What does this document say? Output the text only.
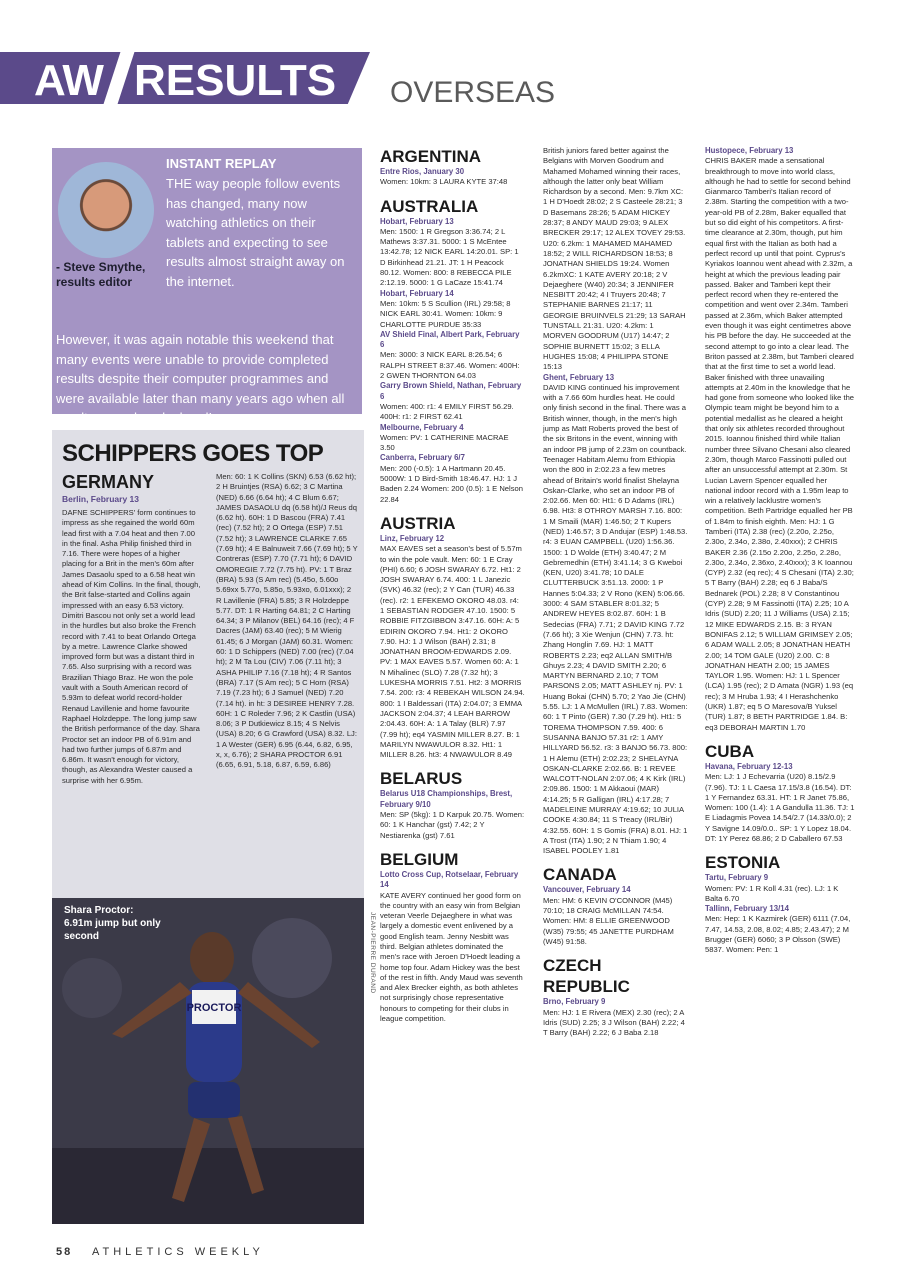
AW RESULTS OVERSEAS
- Steve Smythe, results editor
INSTANT REPLAY
THE way people follow events has changed, many now watching athletics on their tablets and expecting to see results almost straight away on the internet.
However, it was again notable this weekend that many events were unable to provide completed results despite their computer programmes and were available later than many years ago when all results were done by hand!
SCHIPPERS GOES TOP
GERMANY
Berlin, February 13
DAFNE SCHIPPERS' form continues to impress as she regained the world 60m lead first with a 7.04 heat and then 7.00 in the final. Asha Philip finished third in 7.16. There were hopes of a higher placing for a Brit in the men's 60m after James Dasaolu sped to a 6.58 heat win ahead of Kim Collins. In the final, though, the Brit false-started and Collins again impressed with an easy 6.53 victory. Dimitri Bascou not only set a world lead in the hurdles but also broke the French record with 7.41 to beat Orlando Ortega by a metre. Lawrence Clarke showed improved form but was a distant third in 7.65. Also surprising with a record was Brazilian Thiago Braz. He won the pole vault with a South American record of 5.93m to defeat world record-holder Renaud Lavillenie and home favourite Raphael Holzdeppe. The long jump saw the British performance of the day. Shara Proctor set an indoor PB of 6.91m and had two further jumps of 6.87m and 6.86m. It wasn't enough for victory, though, as Alexandra Wester caused a surprise with her 6.95m.
Men: 60: 1 K Collins (SKN) 6.53 (6.62 ht); 2 H Bruintjes (RSA) 6.62; 3 C Martina (NED) 6.66 (6.64 ht); 4 C Blum 6.67; JAMES DASAOLU dq (6.58 ht)/J Reus dq (6.62 ht). 60H: 1 D Bascou (FRA) 7.41 (rec) (7.52 ht); 2 O Ortega (ESP) 7.51 (7.52 ht); 3 LAWRENCE CLARKE 7.65 (7.69 ht); 4 E Balnuweit 7.66 (7.69 ht); 5 Y Contreras (ESP) 7.70 (7.71 ht); 6 DAVID OMOREGIE 7.72 (7.75 ht). PV: 1 T Braz (BRA) 5.93 (S Am rec) (5.45o, 5.60o 5.69xx 5.77o, 5.85o, 5.93xo, 6.01xxx); 2 R Lavillenie (FRA) 5.85; 3 R Holzdeppe 5.77. DT: 1 R Harting 64.81; 2 C Harting 64.34; 3 P Milanov (BEL) 64.16 (rec); 4 F Dacres (JAM) 63.40 (rec); 5 M Wierig 61.45; 6 J Morgan (JAM) 60.31. Women: 60: 1 D Schippers (NED) 7.00 (rec) (7.04 ht); 2 M Ta Lou (CIV) 7.06 (7.11 ht); 3 ASHA PHILIP 7.16 (7.18 ht); 4 R Santos (BRA) 7.17 (S Am rec); 5 C Horn (RSA) 7.19 (7.23 ht); 6 J Samuel (NED) 7.20 (7.14 ht). in ht: 3 DESIREE HENRY 7.28. 60H: 1 C Roleder 7.96; 2 K Castlin (USA) 8.06; 3 P Dutkiewicz 8.15; 4 S Nelvis (USA) 8.20; 6 G Crawford (USA) 8.32. LJ: 1 A Wester (GER) 6.95 (6.44, 6.82, 6.95, x, x, 6.76); 2 SHARA PROCTOR 6.91 (6.65, 6.91, 5.18, 6.87, 6.59, 6.86)
PROCTOR
Shara Proctor: 6.91m jump but only second	JEAN-PIERRE DURAND
ARGENTINA
Entre Rios, January 30
Women: 10km: 3 LAURA KYTE 37:48
AUSTRALIA
Hobart, February 13
Men: 1500: 1 R Gregson 3:36.74; 2 L Mathews 3:37.31. 5000: 1 S McEntee 13:42.78; 12 NICK EARL 14:20.01. SP: 1 D Birkinhead 21.21. JT: 1 H Peacock 80.12. Women: 800: 8 REBECCA PILE 2:12.19. 5000: 1 G LaCaze 15:41.74
Hobart, February 14
Men: 10km: 5 S Scullion (IRL) 29:58; 8 NICK EARL 30:41. Women: 10km: 9 CHARLOTTE PURDUE 35:33
AV Shield Final, Albert Park, February 6
Men: 3000: 3 NICK EARL 8:26.54; 6 RALPH STREET 8:37.46. Women: 400H: 2 GWEN THORNTON 64.03
Garry Brown Shield, Nathan, February 6
Women: 400: r1: 4 EMILY FIRST 56.29. 400H: r1: 2 FIRST 62.41
Melbourne, February 4
Women: PV: 1 CATHERINE MACRAE 3.50
Canberra, February 6/7
Men: 200 (-0.5): 1 A Hartmann 20.45. 5000W: 1 D Bird-Smith 18:46.47. HJ: 1 J Baden 2.24 Women: 200 (0.5): 1 E Nelson 22.84
AUSTRIA
Linz, February 12
MAX EAVES set a season's best of 5.57m to win the pole vault. Men: 60: 1 E Cray (PHI) 6.60; 6 JOSH SWARAY 6.72. Ht1: 2 JOSH SWARAY 6.74. 400: 1 L Janezic (SVK) 46.32 (rec); 2 Y Can (TUR) 46.33 (rec). r2: 1 EFEKEMO OKORO 48.03. r4: 1 SEBASTIAN RODGER 47.10. 1500: 5 ROBBIE FITZGIBBON 3:47.16. 60H: A: 5 EDIRIN OKORO 7.94. Ht1: 2 OKORO 7.90. HJ: 1 J Wilson (BAH) 2.31; 8 JONATHAN BROOM-EDWARDS 2.09. PV: 1 MAX EAVES 5.57. Women 60: A: 1 N Mihalinec (SLO) 7.28 (7.32 ht); 3 LUKESHA MORRIS 7.51. Ht2: 3 MORRIS 7.54. 200: r3: 4 REBEKAH WILSON 24.94. 800: 1 I Baldessari (ITA) 2:04.07; 3 EMMA JACKSON 2:04.37; 4 LEAH BARROW 2:04.43. 60H: A: 1 A Talay (BLR) 7.97 (7.99 ht); eq4 YASMIN MILLER 8.27. B: 1 MARILYN NWAWULOR 8.32. Ht1: 1 MILLER 8.26. ht3: 4 NWAWULOR 8.49
BELARUS
Belarus U18 Championships, Brest, February 9/10
Men: SP (5kg): 1 D Karpuk 20.75. Women: 60: 1 K Hanchar (gst) 7.42; 2 Y Nestiarenka (gst) 7.61
BELGIUM
Lotto Cross Cup, Rotselaar, February 14
KATE AVERY continued her good form on the country with an easy win from Belgian veteran Veerle Dejaeghere in what was largely a domestic event enlivened by a good English team. Jenny Nesbitt was third. Belgian athletes dominated the men's race with Jeroen D'Hoedt leading a home top four. Adam Hickey was the best of the rest in fifth. Andy Maud was seventh and Alex Brecker eighth, as both athletes not surprisingly chose representative honours to competing for their clubs in league competition.
British juniors fared better against the Belgians with Morven Goodrum and Mahamed Mohamed winning their races, although the latter only beat William Richardson by a second. Men: 9.7km XC: 1 H D'Hoedt 28:02; 2 S Casteele 28:21; 3 D Basemans 28:26; 5 ADAM HICKEY 28:37; 8 ANDY MAUD 29:03; 9 ALEX BRECKER 29:17; 12 ALEX TOVEY 29:53. U20: 6.2km: 1 MAHAMED MAHAMED 18:52; 2 WILL RICHARDSON 18:53; 8 JONATHAN SHIELDS 19:24. Women 6.2kmXC: 1 KATE AVERY 20:18; 2 V Dejaeghere (W40) 20:34; 3 JENNIFER NESBITT 20:42; 4 I Truyers 20:48; 7 STEPHANIE BARNES 21:17; 11 GEORGIE BRUINVELS 21:29; 13 SARAH TUNSTALL 21:31. U20: 4.2km: 1 MORVEN GOODRUM (U17) 14:47; 2 SOPHIE BURNETT 15:02; 3 ELLA HUGHES 15:08; 4 PHILIPPA STONE 15:13
Ghent, February 13
DAVID KING continued his improvement with a 7.66 60m hurdles heat. He could only finish second in the final. There was a British winner, though, in the men's high jump as Matt Roberts proved the best of the six Britons in the event, winning with an indoor PB jump of 2.23m on countback. Teenager Habitam Alemu from Ethiopia won the 800 in 2:02.23 a few metres ahead of Britain's world finalist Shelayna Oskan-Clarke, who set an indoor PB of 2:02.66. Men 60: Ht1: 6 D Adams (IRL) 6.98. Ht3: 8 OTHROY MARSH 7.16. 800: 1 M Smaili (MAR) 1:46.50; 2 T Kupers (NED) 1:46.57; 3 D Andujar (ESP) 1:48.53. r4: 3 EUAN CAMPBELL (U20) 1:56.36. 1500: 1 D Wolde (ETH) 3:40.47; 2 M Gebremedhin (ETH) 3:41.14; 3 G Kweboi (KEN, U20) 3:41.78; 10 DALE CLUTTERBUCK 3:51.13. 2000: 1 P Hannes 5:04.33; 2 V Rono (KEN) 5:06.66. 3000: 4 SAM STABLER 8:01.32; 5 ANDREW HEYES 8:02.87. 60H: 1 B Sedecias (FRA) 7.71; 2 DAVID KING 7.72 (7.66 ht); 3 Xie Wenjun (CHN) 7.73. ht: Zhang Honglin 7.69. HJ: 1 MATT ROBERTS 2.23; eq2 ALLAN SMITH/B Ghuys 2.23; 4 DAVID SMITH 2.20; 6 MARTYN BERNARD 2.10; 7 TOM PARSONS 2.05; MATT ASHLEY nj. PV: 1 Huang Bokai (CHN) 5.70; 2 Yao Jie (CHN) 5.55. LJ: 1 A McMullen (IRL) 7.83. Women: 60: 1 T Pinto (GER) 7.30 (7.29 ht). Ht1: 5 TOREMA THOMPSON 7.59. 400: 6 SUSANNA BANJO 57.31 r2: 1 AMY HILLYARD 56.52. r3: 3 BANJO 56.73. 800: 1 H Alemu (ETH) 2:02.23; 2 SHELAYNA OSKAN-CLARKE 2:02.66. B: 1 REVEE WALCOTT-NOLAN 2:07.06; 4 K Kirk (IRL) 2:09.86. 1500: 1 M Akkaoui (MAR) 4:14.25; 5 R Galligan (IRL) 4:17.28; 7 MADELEINE MURRAY 4:19.62; 10 JULIA COOKE 4:30.84; 11 S Treacy (IRL/Bir) 4:32.55. 60H: 1 S Gomis (FRA) 8.01. HJ: 1 A Trost (ITA) 1.90; 2 N Thiam 1.90; 4 ISABEL POOLEY 1.81
CANADA
Vancouver, February 14
Men: HM: 6 KEVIN O'CONNOR (M45) 70:10; 18 CRAIG McMILLAN 74:54. Women: HM: 8 ELLIE GREENWOOD (W35) 79:55; 45 JANETTE PURDHAM (W45) 91:58.
CZECH REPUBLIC
Brno, February 9
Men: HJ: 1 E Rivera (MEX) 2.30 (rec); 2 A Idris (SUD) 2.25; 3 J Wilson (BAH) 2.22; 4 T Barry (BAH) 2.22; 6 J Baba 2.18
Hustopece, February 13
CHRIS BAKER made a sensational breakthrough to move into world class, although he had to settle for second behind Gianmarco Tamberi's Italian record of 2.38m. Starting the competition with a two-year-old PB of 2.28m, Baker equalled that but so did eight of his competitors. A first-time clearance at 2.30m, though, put him equal first with the Italian as both had a perfect record up until that point. Cyprus's Kyriakos Ioannou went ahead with 2.32m, a height at which the previous leading pair passed. Baker and Tamberi kept their perfect record when they re-entered the competition and went over 2.34m. Tamberi passed at 2.36m, which Baker attempted even though it was eight centimetres above his PB before the day. He succeeded at the second attempt to go into a clear lead. The Briton passed at 2.38m, but Tamberi cleared that at the first time to set a world lead. Baker finished with three unavailing attempts at 2.40m in the knowledge that he had gone from someone who looked like the Olympic team might be beyond him to a potential medallist as he cleared a height that only six athletes recorded throughout 2015. Ioannou finished third while Italian number three Silvano Chesani also cleared 2.30m, though Marco Fassinotti pulled out after an unsuccessful attempt at 2.30m. St Lucian Lavern Spencer equalled her national indoor record with a 1.95m leap to win a relatively lacklustre women's competition. Beth Partridge equalled her PB of 1.84m to finish eighth. Men: HJ: 1 G Tamberi (ITA) 2.38 (rec) (2.20o, 2.25o, 2.30o, 2.34o, 2.38o, 2.40xxx); 2 CHRIS BAKER 2.36 (2.15o 2.20o, 2.25o, 2.28o, 2.30o, 2.34o, 2.36xo, 2.40xxx); 3 K Ioannou (CYP) 2.32 (eq rec); 4 S Chesani (ITA) 2.30; 5 T Barry (BAH) 2.28; eq 6 J Baba/S Bednarek (POL) 2.28; 8 V Constantinou (CYP) 2.28; 9 M Fassinotti (ITA) 2.25; 10 A Idris (SUD) 2.20; 11 J Williams (USA) 2.15; 12 MIKE EDWARDS 2.15. B: 3 RYAN BONIFAS 2.12; 5 WILLIAM GRIMSEY 2.05; 6 ADAM WALL 2.05; 8 JONATHAN HEATH 2.00; 14 TOM GALE (U20) 2.00. C: 8 JONATHAN HEATH 2.00; 15 JAMES TAYLOR 1.95. Women: HJ: 1 L Spencer (LCA) 1.95 (rec); 2 D Amata (NGR) 1.93 (eq rec); 3 M Hruba 1.93; 4 I Herashchenko (UKR) 1.87; eq 5 O Maresova/B Yuksel (TUR) 1.87; 8 BETH PARTRIDGE 1.84. B: eq3 DEBORAH MARTIN 1.70
CUBA
Havana, February 12-13
Men: LJ: 1 J Echevarria (U20) 8.15/2.9 (7.96). TJ: 1 L Caesa 17.15/3.8 (16.54). DT: 1 Y Fernandez 63.31. HT: 1 R Janet 75.86, Women: 100 (1.4): 1 A Gandulla 11.36. TJ: 1 E Liadagmis Povea 14.54/2.7 (14.33/0.0); 2 Y Savigne 14.09/0.0.. SP: 1 Y Lopez 18.04. DT: 1Y Perez 68.86; 2 D Caballero 67.53
ESTONIA
Tartu, February 9
Women: PV: 1 R Koll 4.31 (rec). LJ: 1 K Balta 6.70
Tallinn, February 13/14
Men: Hep: 1 K Kazmirek (GER) 6111 (7.04, 7.47, 14.53, 2.08, 8.02; 4.85; 2.43.47); 2 M Brugger (GER) 6060; 3 P Olsson (SWE) 5837. Women: Pen: 1
58 ATHLETICS WEEKLY
